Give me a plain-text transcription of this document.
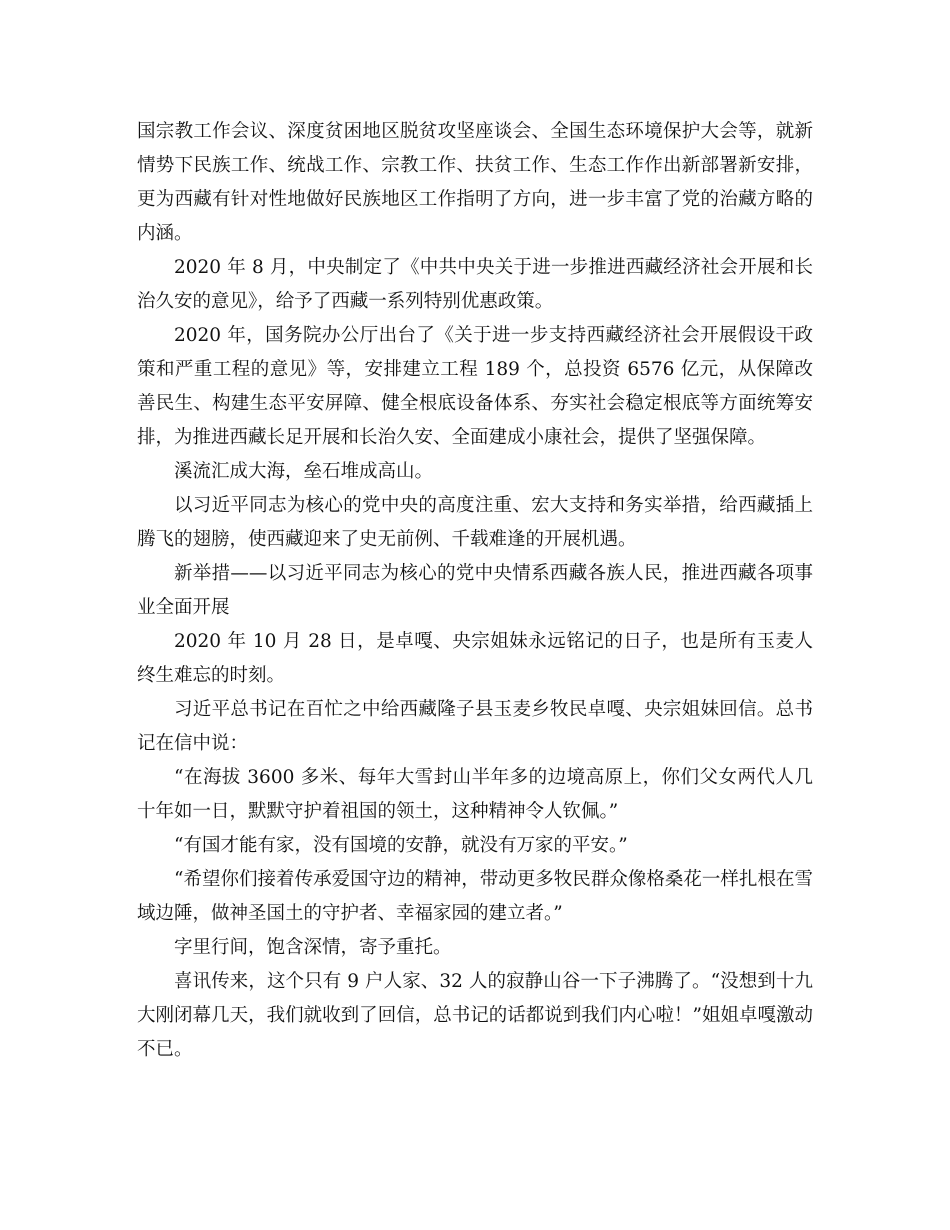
国宗教工作会议、深度贫困地区脱贫攻坚座谈会、全国生态环境保护大会等，就新情势下民族工作、统战工作、宗教工作、扶贫工作、生态工作作出新部署新安排，更为西藏有针对性地做好民族地区工作指明了方向，进一步丰富了党的治藏方略的内涵。

2020 年 8 月，中央制定了《中共中央关于进一步推进西藏经济社会开展和长治久安的意见》，给予了西藏一系列特别优惠政策。

2020 年，国务院办公厅出台了《关于进一步支持西藏经济社会开展假设干政策和严重工程的意见》等，安排建立工程 189 个，总投资 6576 亿元，从保障改善民生、构建生态平安屏障、健全根底设备体系、夯实社会稳定根底等方面统筹安排，为推进西藏长足开展和长治久安、全面建成小康社会，提供了坚强保障。

溪流汇成大海，垒石堆成高山。

以习近平同志为核心的党中央的高度注重、宏大支持和务实举措，给西藏插上腾飞的翅膀，使西藏迎来了史无前例、千载难逢的开展机遇。

新举措——以习近平同志为核心的党中央情系西藏各族人民，推进西藏各项事业全面开展

2020 年 10 月 28 日，是卓嘎、央宗姐妹永远铭记的日子，也是所有玉麦人终生难忘的时刻。

习近平总书记在百忙之中给西藏隆子县玉麦乡牧民卓嘎、央宗姐妹回信。总书记在信中说：

“在海拔 3600 多米、每年大雪封山半年多的边境高原上，你们父女两代人几十年如一日，默默守护着祖国的领土，这种精神令人钦佩。”

“有国才能有家，没有国境的安静，就没有万家的平安。”

“希望你们接着传承爱国守边的精神，带动更多牧民群众像格桑花一样扎根在雪域边陲，做神圣国土的守护者、幸福家园的建立者。”

字里行间，饱含深情，寄予重托。

喜讯传来，这个只有 9 户人家、32 人的寂静山谷一下子沸腾了。“没想到十九大刚闭幕几天，我们就收到了回信，总书记的话都说到我们内心啦！”姐姐卓嘎激动不已。
